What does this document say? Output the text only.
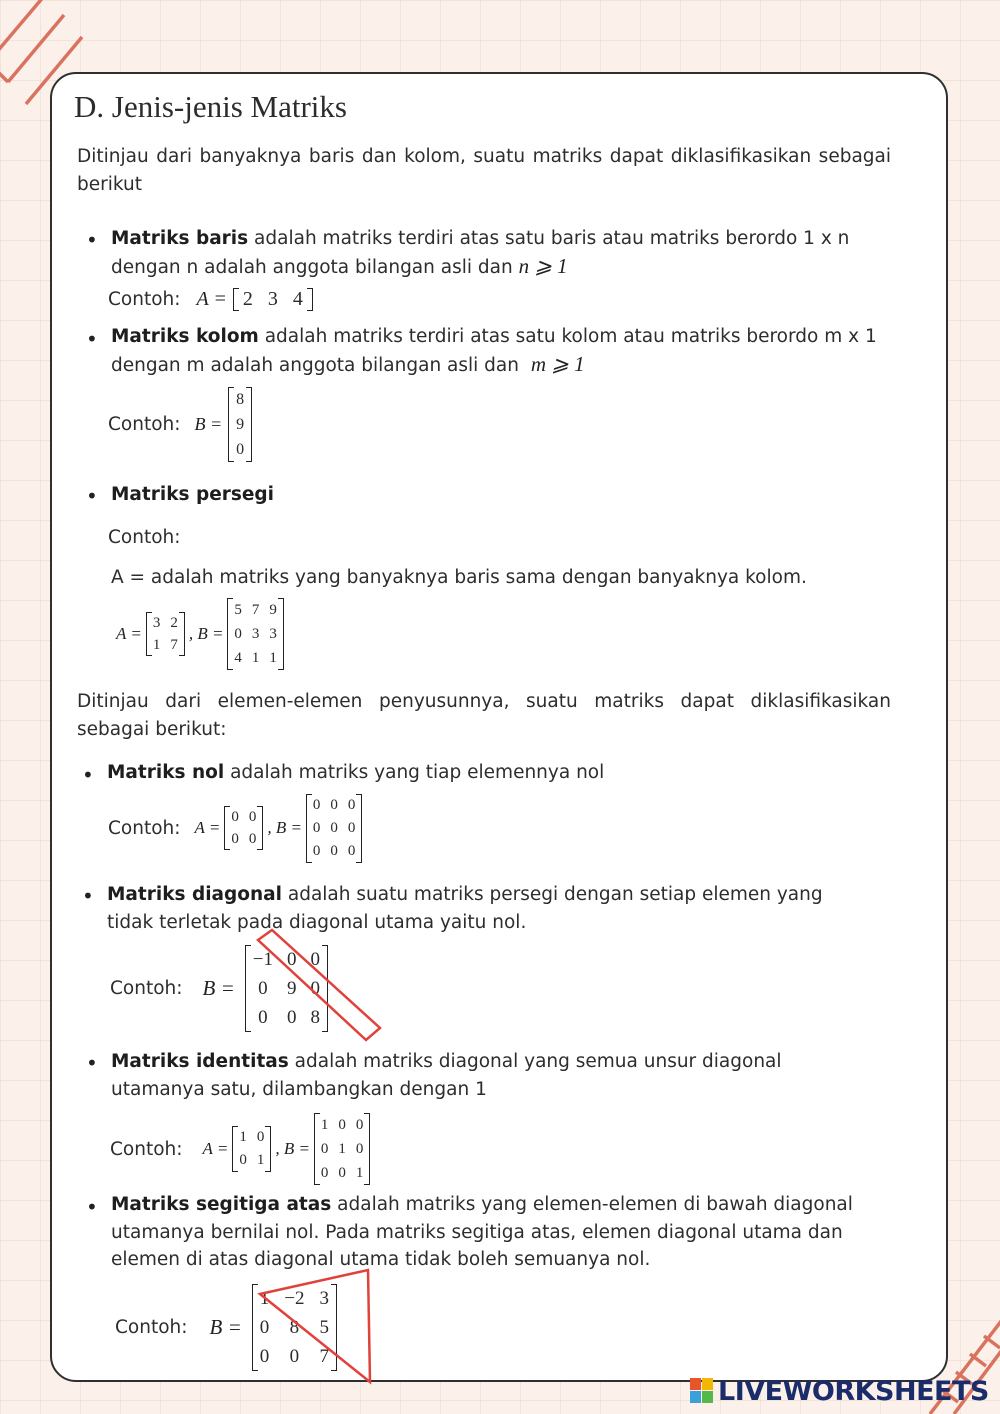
D. Jenis-jenis Matriks
Ditinjau dari banyaknya baris dan kolom, suatu matriks dapat diklasifikasikan sebagai berikut
• Matriks baris adalah matriks terdiri atas satu baris atau matriks berordo 1 x n dengan n adalah anggota bilangan asli dan n ⩾ 1
Contoh: A = 2	3	4
• Matriks kolom adalah matriks terdiri atas satu kolom atau matriks berordo m x 1 dengan m adalah anggota bilangan asli dan m ⩾ 1
Contoh: B =
8
9
0
• Matriks persegi
Contoh:
A = adalah matriks yang banyaknya baris sama dengan banyaknya kolom.
A =
3	2
1	7
, B =
5	7	9
0	3	3
4	1	1
Ditinjau dari elemen-elemen penyusunnya, suatu matriks dapat diklasifikasikan sebagai berikut:
• Matriks nol adalah matriks yang tiap elemennya nol
Contoh: A =
0	0
0	0
, B =
0	0	0
0	0	0
0	0	0
• Matriks diagonal adalah suatu matriks persegi dengan setiap elemen yang tidak terletak pada diagonal utama yaitu nol.
Contoh: B =
−1	0	0
0	9	0
0	0	8
• Matriks identitas adalah matriks diagonal yang semua unsur diagonal utamanya satu, dilambangkan dengan 1
Contoh: A =
1	0
0	1
, B =
1	0	0
0	1	0
0	0	1
• Matriks segitiga atas adalah matriks yang elemen-elemen di bawah diagonal utamanya bernilai nol. Pada matriks segitiga atas, elemen diagonal utama dan elemen di atas diagonal utama tidak boleh semuanya nol.
Contoh: B =
1	−2	3
0	8	5
0	0	7
LIVEWORKSHEETS
